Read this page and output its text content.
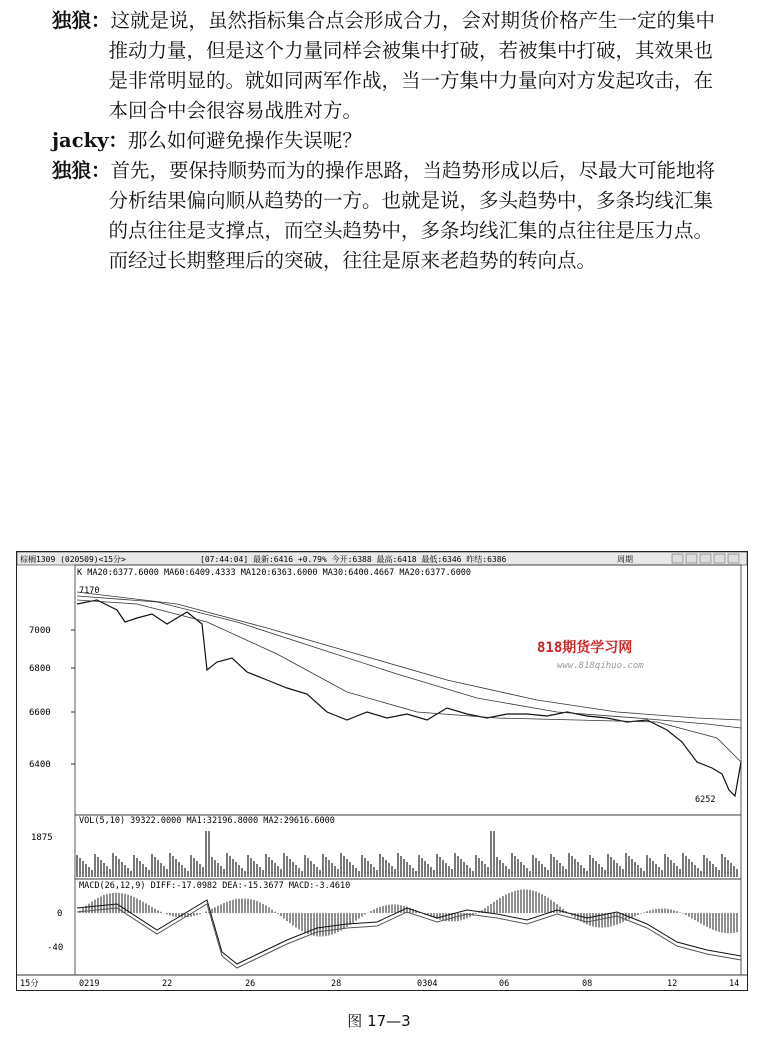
独狼：这就是说，虽然指标集合点会形成合力，会对期货价格产生一定的集中推动力量，但是这个力量同样会被集中打破，若被集中打破，其效果也是非常明显的。就如同两军作战，当一方集中力量向对方发起攻击，在本回合中会很容易战胜对方。

jacky：那么如何避免操作失误呢？

独狼：首先，要保持顺势而为的操作思路，当趋势形成以后，尽最大可能地将分析结果偏向顺从趋势的一方。也就是说，多头趋势中，多条均线汇集的点往往是支撑点，而空头趋势中，多条均线汇集的点往往是压力点。而经过长期整理后的突破，往往是原来老趋势的转向点。

棕榈1309 (020509)<15分>	[07:44:04] 最新:6416 +0.79% 今开:6388 最高:6418 最低:6346 昨结:6386	周期
K MA20:6377.6000 MA60:6409.4333 MA120:6363.6000 MA30:6400.4667 MA20:6377.6000
VOL(5,10) 39322.0000 MA1:32196.8000 MA2:29616.6000
MACD(26,12,9) DIFF:-17.0982 DEA:-15.3677 MACD:-3.4610
7000
6800
6600
6400
1875
0
-40
7170
6252
15分	0219	22	26	28	0304	06	08	12	14
818期货学习网
www.818qihuo.com
图 17—3
